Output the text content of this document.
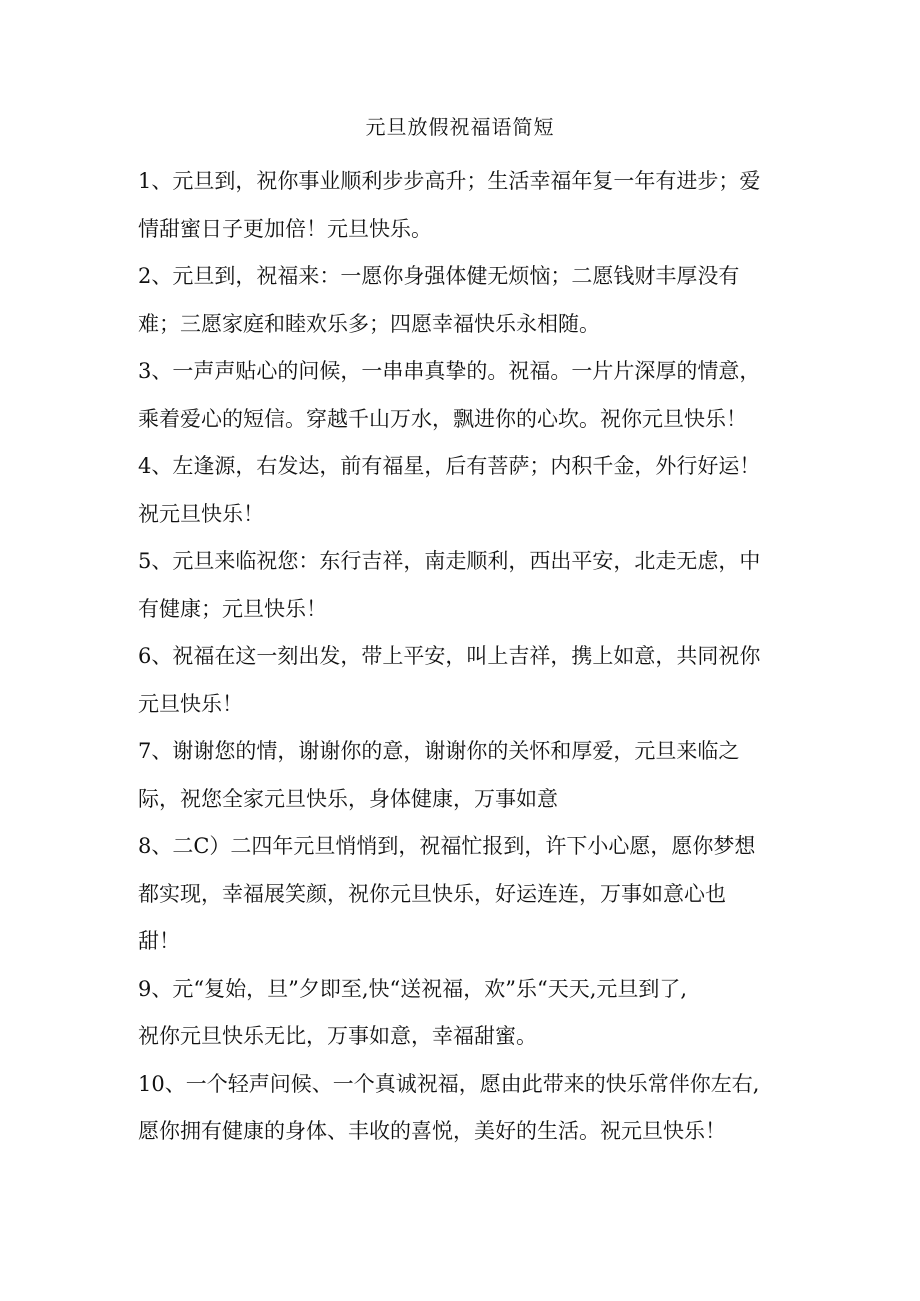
元旦放假祝福语简短

1、元旦到，祝你事业顺利步步高升；生活幸福年复一年有进步；爱
情甜蜜日子更加倍！元旦快乐。

2、元旦到，祝福来：一愿你身强体健无烦恼；二愿钱财丰厚没有
难；三愿家庭和睦欢乐多；四愿幸福快乐永相随。

3、一声声贴心的问候，一串串真挚的。祝福。一片片深厚的情意，
乘着爱心的短信。穿越千山万水，飘进你的心坎。祝你元旦快乐！

4、左逢源，右发达，前有福星，后有菩萨；内积千金，外行好运！
祝元旦快乐！

5、元旦来临祝您：东行吉祥，南走顺利，西出平安，北走无虑，中
有健康；元旦快乐！

6、祝福在这一刻出发，带上平安，叫上吉祥，携上如意，共同祝你
元旦快乐！

7、谢谢您的情，谢谢你的意，谢谢你的关怀和厚爱，元旦来临之
际，祝您全家元旦快乐，身体健康，万事如意

8、二C）二四年元旦悄悄到，祝福忙报到，许下小心愿，愿你梦想
都实现，幸福展笑颜，祝你元旦快乐，好运连连，万事如意心也
甜！

9、元“复始，旦”夕即至,快“送祝福，欢”乐“天天,元旦到了,
祝你元旦快乐无比，万事如意，幸福甜蜜。

10、一个轻声问候、一个真诚祝福，愿由此带来的快乐常伴你左右,
愿你拥有健康的身体、丰收的喜悦，美好的生活。祝元旦快乐！
